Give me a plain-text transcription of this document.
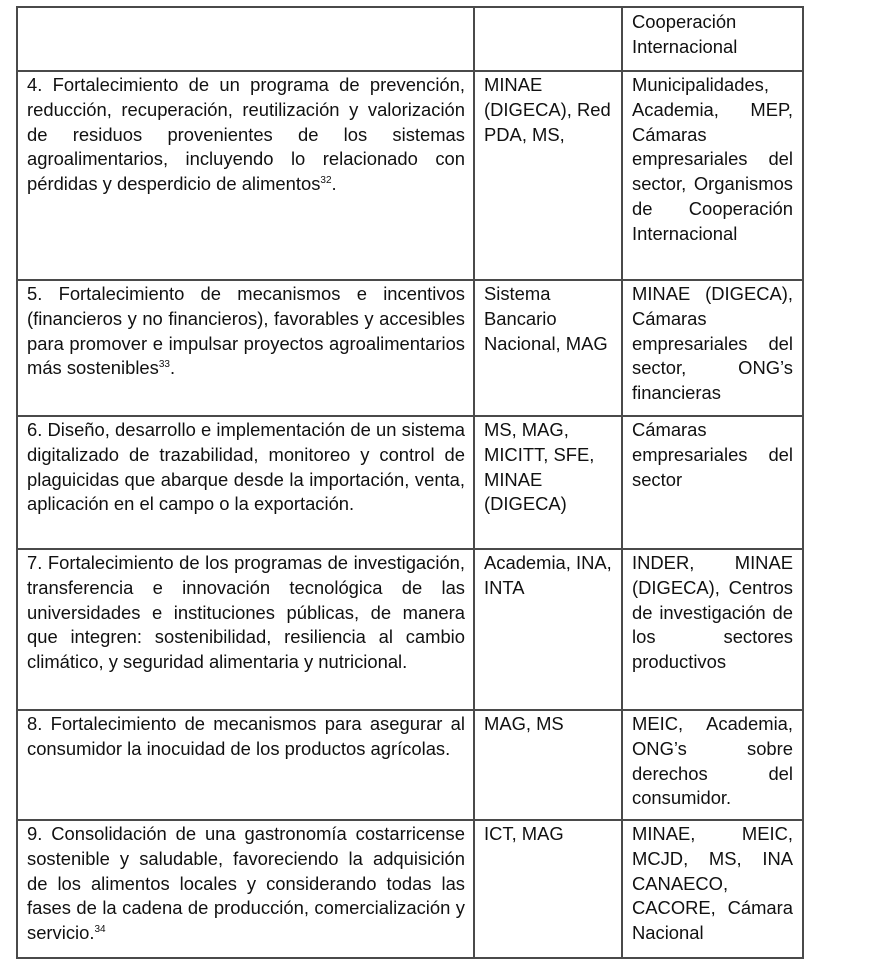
		Cooperación Internacional
4. Fortalecimiento de un programa de prevención, reducción, recuperación, reutilización y valorización de residuos provenientes de los sistemas agroalimentarios, incluyendo lo relacionado con pérdidas y desperdicio de alimentos$^{32}$.	MINAE (DIGECA), Red PDA, MS,	Municipalidades, Academia, MEP, Cámaras empresariales del sector, Organismos de Cooperación Internacional
5. Fortalecimiento de mecanismos e incentivos (financieros y no financieros), favorables y accesibles para promover e impulsar proyectos agroalimentarios más sostenibles$^{33}$.	Sistema Bancario Nacional, MAG	MINAE (DIGECA), Cámaras empresariales del sector, ONG’s financieras
6. Diseño, desarrollo e implementación de un sistema digitalizado de trazabilidad, monitoreo y control de plaguicidas que abarque desde la importación, venta, aplicación en el campo o la exportación.	MS, MAG, MICITT, SFE, MINAE (DIGECA)	Cámaras empresariales del sector
7. Fortalecimiento de los programas de investigación, transferencia e innovación tecnológica de las universidades e instituciones públicas, de manera que integren: sostenibilidad, resiliencia al cambio climático, y seguridad alimentaria y nutricional.	Academia, INA, INTA	INDER, MINAE (DIGECA), Centros de investigación de los sectores productivos
8. Fortalecimiento de mecanismos para asegurar al consumidor la inocuidad de los productos agrícolas.	MAG, MS	MEIC, Academia, ONG’s sobre derechos del consumidor.
9. Consolidación de una gastronomía costarricense sostenible y saludable, favoreciendo la adquisición de los alimentos locales y considerando todas las fases de la cadena de producción, comercialización y servicio.$^{34}$	ICT, MAG	MINAE, MEIC, MCJD, MS, INA CANAECO, CACORE, Cámara Nacional
